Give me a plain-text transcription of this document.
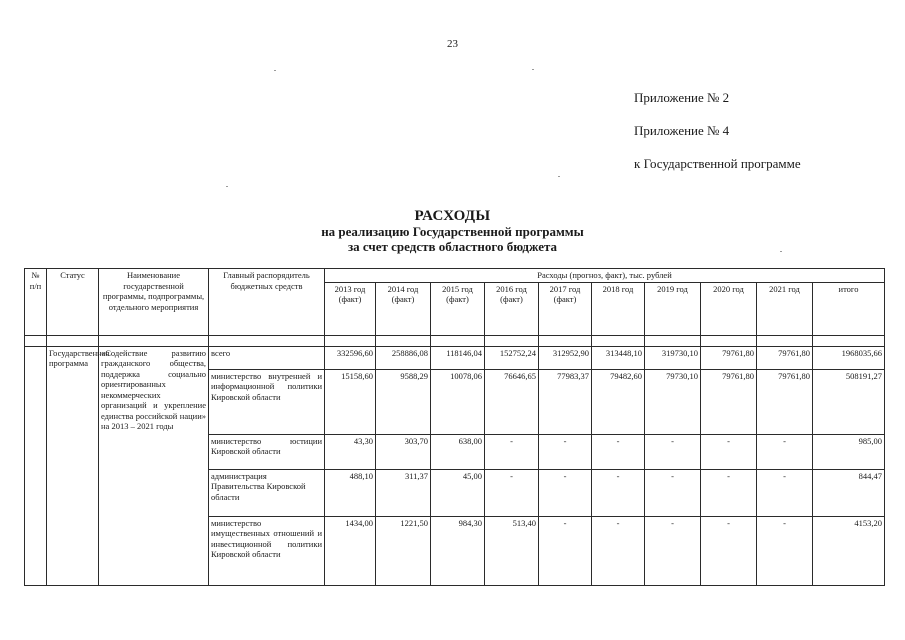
23
Приложение № 2
Приложение № 4
к Государственной программе
РАСХОДЫ
на реализацию Государственной программы
за счет средств областного бюджета
№ п/п	Статус	Наименование государственной программы, подпрограммы, отдельного мероприятия	Главный распорядитель бюджетных средств	Расходы (прогноз, факт), тыс. рублей									
				2013 год (факт)	2014 год (факт)	2015 год (факт)	2016 год (факт)	2017 год (факт)	2018 год	2019 год	2020 год	2021 год	итого

	Государственная программа	«Содействие развитию гражданского общества, поддержка социально ориентированных некоммерческих организаций и укрепление единства российской нации» на 2013 – 2021 годы	всего	332596,60	258886,08	118146,04	152752,24	312952,90	313448,10	319730,10	79761,80	79761,80	1968035,66
			министерство внутренней и информационной политики Кировской области	15158,60	9588,29	10078,06	76646,65	77983,37	79482,60	79730,10	79761,80	79761,80	508191,27
			министерство юстиции Кировской области	43,30	303,70	638,00	-	-	-	-	-	-	985,00
			администрация Правительства Кировской области	488,10	311,37	45,00	-	-	-	-	-	-	844,47
			министерство имущественных отношений и инвестиционной политики Кировской области	1434,00	1221,50	984,30	513,40	-	-	-	-	-	4153,20
